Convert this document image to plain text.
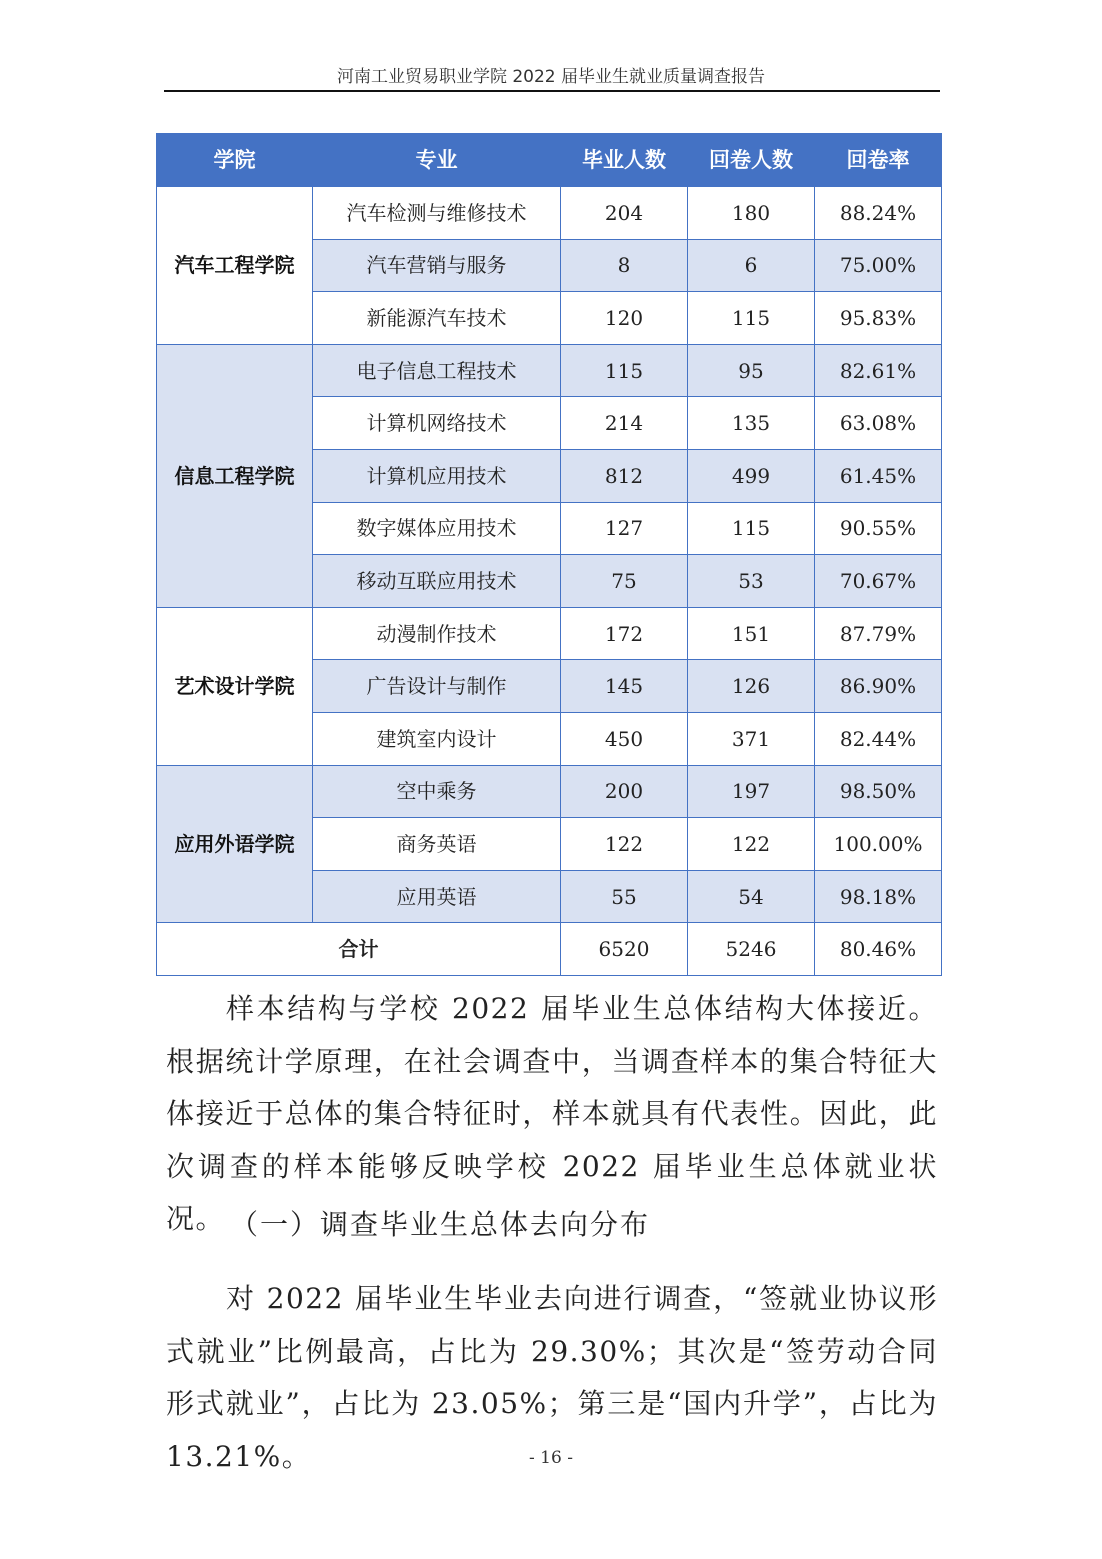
河南工业贸易职业学院 2022 届毕业生就业质量调查报告
学院	专业	毕业人数	回卷人数	回卷率
汽车工程学院	汽车检测与维修技术	204	180	88.24%
	汽车营销与服务	8	6	75.00%
	新能源汽车技术	120	115	95.83%
信息工程学院	电子信息工程技术	115	95	82.61%
	计算机网络技术	214	135	63.08%
	计算机应用技术	812	499	61.45%
	数字媒体应用技术	127	115	90.55%
	移动互联应用技术	75	53	70.67%
艺术设计学院	动漫制作技术	172	151	87.79%
	广告设计与制作	145	126	86.90%
	建筑室内设计	450	371	82.44%
应用外语学院	空中乘务	200	197	98.50%
	商务英语	122	122	100.00%
	应用英语	55	54	98.18%
合计		6520	5246	80.46%

样本结构与学校 2022 届毕业生总体结构大体接近。根据统计学原理，在社会调查中，当调查样本的集合特征大体接近于总体的集合特征时，样本就具有代表性。因此，此次调查的样本能够反映学校 2022 届毕业生总体就业状况。 （一）调查毕业生总体去向分布

对 2022 届毕业生毕业去向进行调查，“签就业协议形式就业”比例最高，占比为 29.30%；其次是“签劳动合同形式就业”，占比为 23.05%；第三是“国内升学”，占比为 13.21%。	- 16 -
